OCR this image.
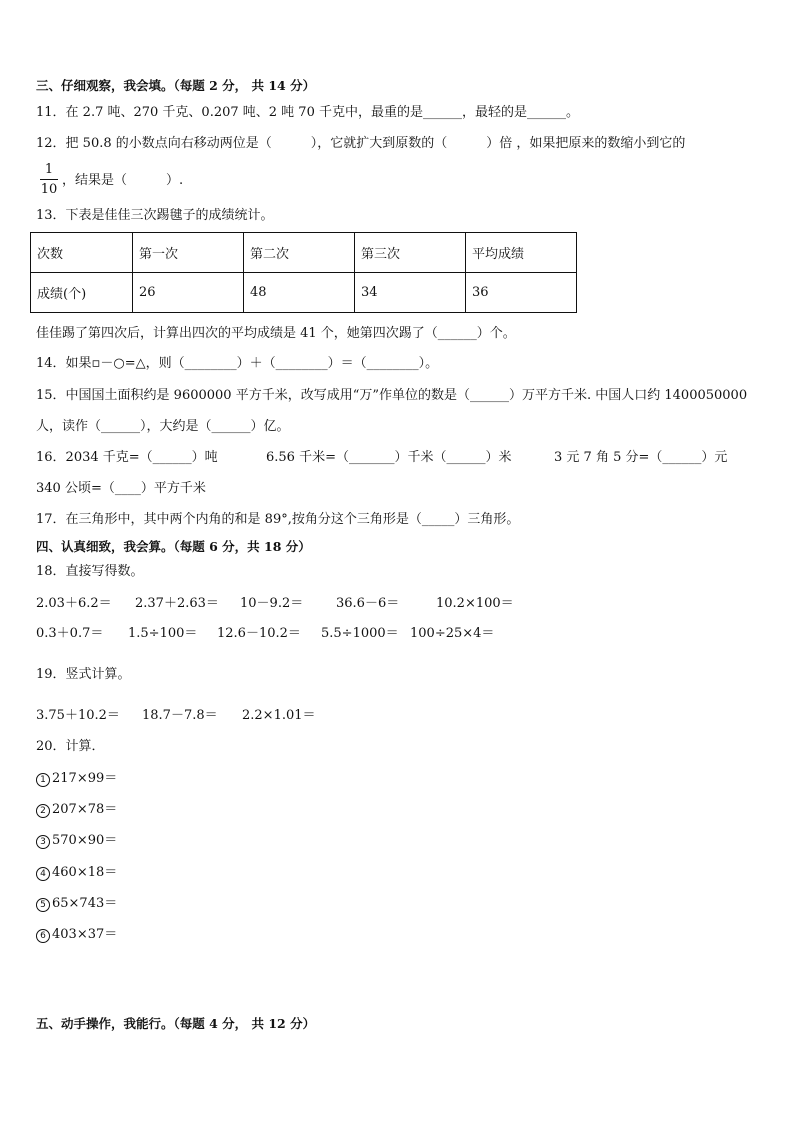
三、仔细观察，我会填。（每题 2 分， 共 14 分）
11．在 2.7 吨、270 千克、0.207 吨、2 吨 70 千克中，最重的是______，最轻的是______。
12．把 50.8 的小数点向右移动两位是（　　　），它就扩大到原数的（　　　）倍 ，如果把原来的数缩小到它的
1
10
，结果是（　　　）.
13．下表是佳佳三次踢毽子的成绩统计。
次数	第一次	第二次	第三次	平均成绩
成绩(个)	26	48	34	36
佳佳踢了第四次后，计算出四次的平均成绩是 41 个，她第四次踢了（______）个。
14．如果▫－○=△，则（________）＋（________）＝（________）。
15．中国国土面积约是 9600000 平方千米，改写成用“万”作单位的数是（______）万平方千米. 中国人口约 1400050000
人，读作（______），大约是（______）亿。
16．2034 千克=（______）吨	6.56 千米=（_______）千米（______）米	3 元 7 角 5 分=（______）元
340 公顷=（____）平方千米
17．在三角形中，其中两个内角的和是 89°,按角分这个三角形是（_____）三角形。
四、认真细致，我会算。（每题 6 分，共 18 分）
18．直接写得数。
2.03＋6.2＝ 2.37＋2.63＝ 10－9.2＝	36.6－6＝	10.2×100＝
0.3＋0.7＝ 1.5÷100＝ 12.6－10.2＝ 5.5÷1000＝ 100÷25×4＝
19．竖式计算。
3.75＋10.2＝ 18.7－7.8＝ 2.2×1.01＝
20．计算．
1 217×99＝
2 207×78＝
3 570×90＝
4 460×18＝
5 65×743＝
6 403×37＝
五、动手操作，我能行。（每题 4 分， 共 12 分）
